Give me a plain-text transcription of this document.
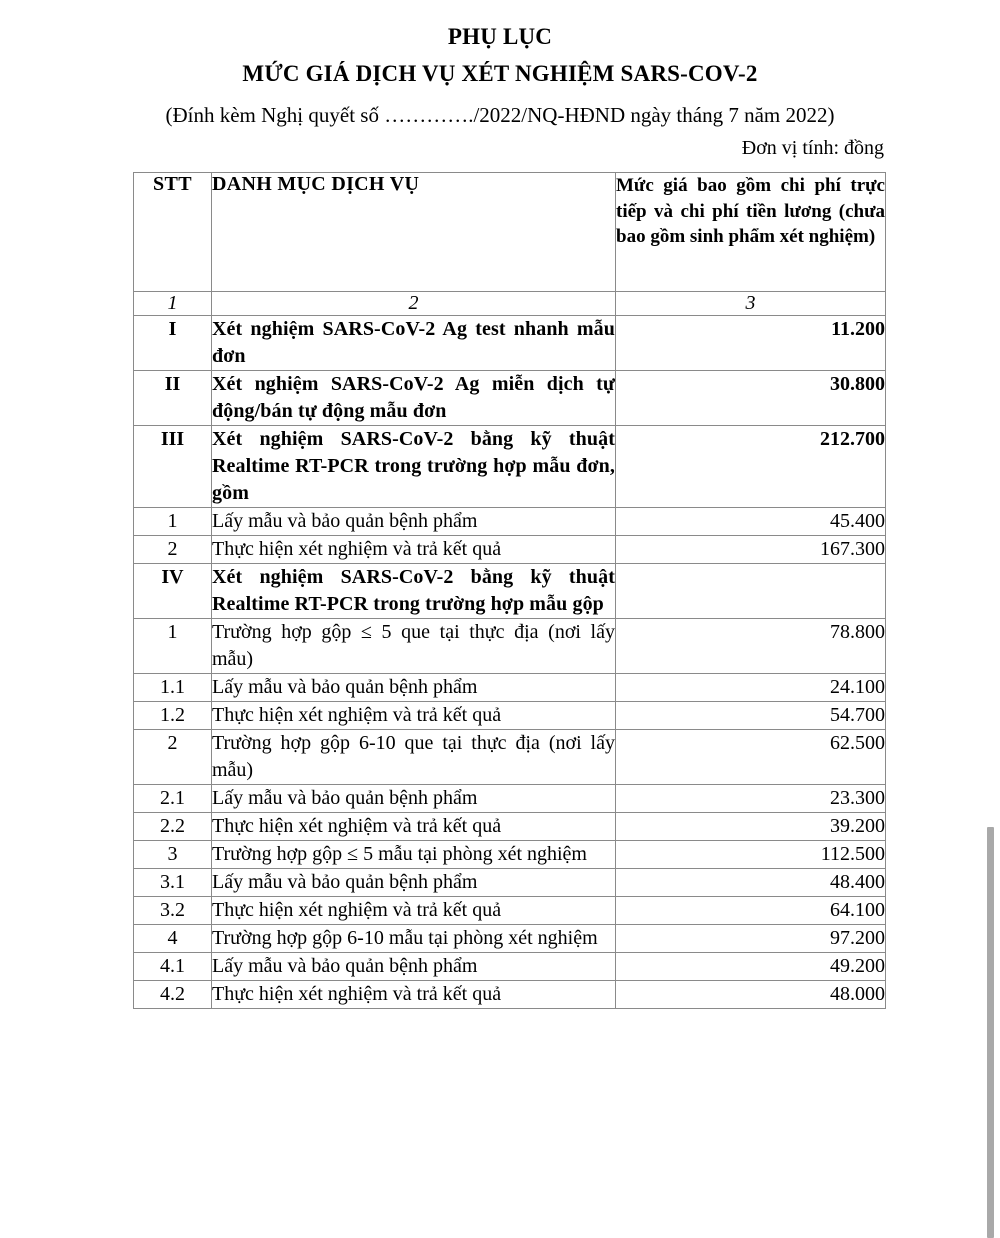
PHỤ LỤC
MỨC GIÁ DỊCH VỤ XÉT NGHIỆM SARS-COV-2
(Đính kèm Nghị quyết số …………./2022/NQ-HĐND ngày tháng 7 năm 2022)
Đơn vị tính: đồng
STT	DANH MỤC DỊCH VỤ	Mức giá bao gồm chi phí trực tiếp và chi phí tiền lương (chưa bao gồm sinh phẩm xét nghiệm)
1	2	3
I	Xét nghiệm SARS-CoV-2 Ag test nhanh mẫu đơn	11.200
II	Xét nghiệm SARS-CoV-2 Ag miễn dịch tự động/bán tự động mẫu đơn	30.800
III	Xét nghiệm SARS-CoV-2 bằng kỹ thuật Realtime RT-PCR trong trường hợp mẫu đơn, gồm	212.700
1	Lấy mẫu và bảo quản bệnh phẩm	45.400
2	Thực hiện xét nghiệm và trả kết quả	167.300
IV	Xét nghiệm SARS-CoV-2 bằng kỹ thuật Realtime RT-PCR trong trường hợp mẫu gộp	
1	Trường hợp gộp ≤ 5 que tại thực địa (nơi lấy mẫu)	78.800
1.1	Lấy mẫu và bảo quản bệnh phẩm	24.100
1.2	Thực hiện xét nghiệm và trả kết quả	54.700
2	Trường hợp gộp 6-10 que tại thực địa (nơi lấy mẫu)	62.500
2.1	Lấy mẫu và bảo quản bệnh phẩm	23.300
2.2	Thực hiện xét nghiệm và trả kết quả	39.200
3	Trường hợp gộp ≤ 5 mẫu tại phòng xét nghiệm	112.500
3.1	Lấy mẫu và bảo quản bệnh phẩm	48.400
3.2	Thực hiện xét nghiệm và trả kết quả	64.100
4	Trường hợp gộp 6-10 mẫu tại phòng xét nghiệm	97.200
4.1	Lấy mẫu và bảo quản bệnh phẩm	49.200
4.2	Thực hiện xét nghiệm và trả kết quả	48.000
